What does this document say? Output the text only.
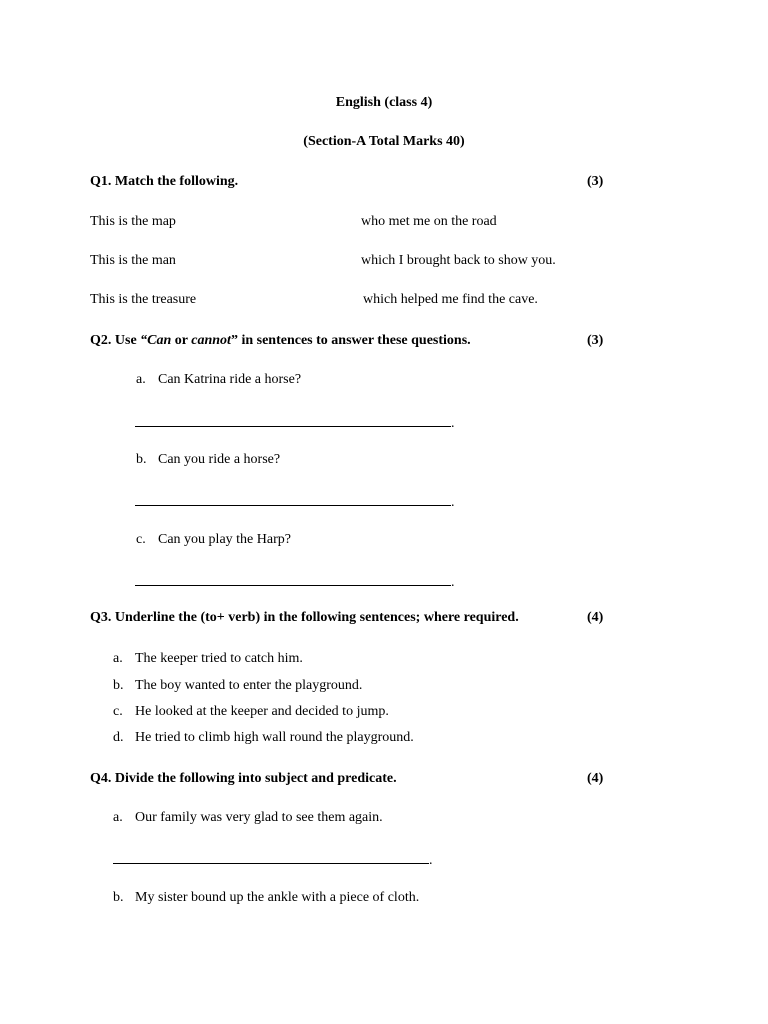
English (class 4)
(Section-A Total Marks 40)
Q1. Match the following.	(3)
This is the map	who met me on the road
This is the man	which I brought back to show you.
This is the treasure	which helped me find the cave.
Q2. Use “Can or cannot” in sentences to answer these questions.	(3)
a. Can Katrina ride a horse?
.
b. Can you ride a horse?
.
c. Can you play the Harp?
.
Q3. Underline the (to+ verb) in the following sentences; where required.	(4)
a. The keeper tried to catch him.
b. The boy wanted to enter the playground.
c. He looked at the keeper and decided to jump.
d. He tried to climb high wall round the playground.
Q4. Divide the following into subject and predicate.	(4)
a. Our family was very glad to see them again.
.
b. My sister bound up the ankle with a piece of cloth.
